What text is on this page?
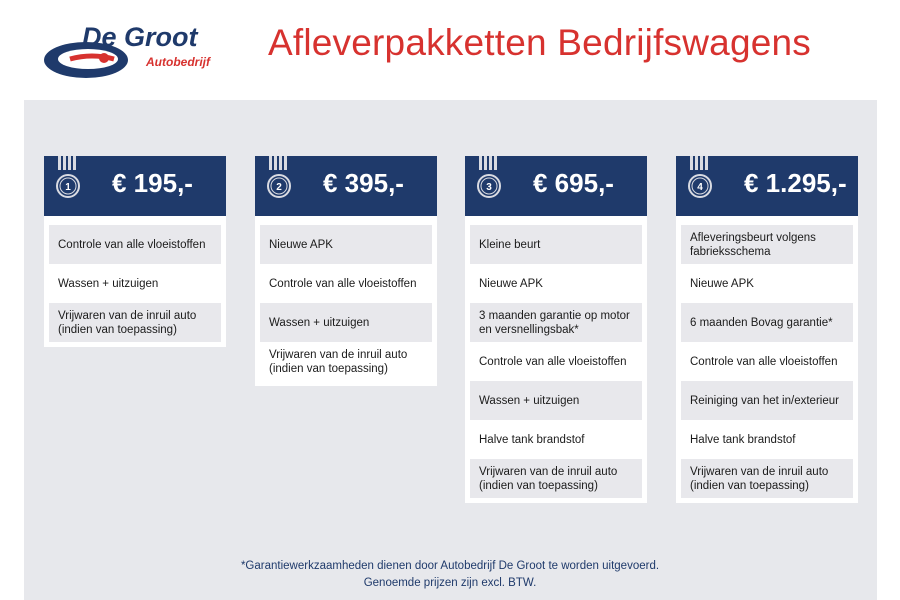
De Groot
Autobedrijf Afleverpakketten Bedrijfswagens
1 € 195,-
Controle van alle vloeistoffen
Wassen + uitzuigen
Vrijwaren van de inruil auto (indien van toepassing)
2 € 395,-
Nieuwe APK
Controle van alle vloeistoffen
Wassen + uitzuigen
Vrijwaren van de inruil auto (indien van toepassing)
3 € 695,-
Kleine beurt
Nieuwe APK
3 maanden garantie op motor en versnellingsbak*
Controle van alle vloeistoffen
Wassen + uitzuigen
Halve tank brandstof
Vrijwaren van de inruil auto (indien van toepassing)
4 € 1.295,-
Afleveringsbeurt volgens fabrieksschema
Nieuwe APK
6 maanden Bovag garantie*
Controle van alle vloeistoffen
Reiniging van het in/exterieur
Halve tank brandstof
Vrijwaren van de inruil auto (indien van toepassing)
*Garantiewerkzaamheden dienen door Autobedrijf De Groot te worden uitgevoerd.
Genoemde prijzen zijn excl. BTW.
